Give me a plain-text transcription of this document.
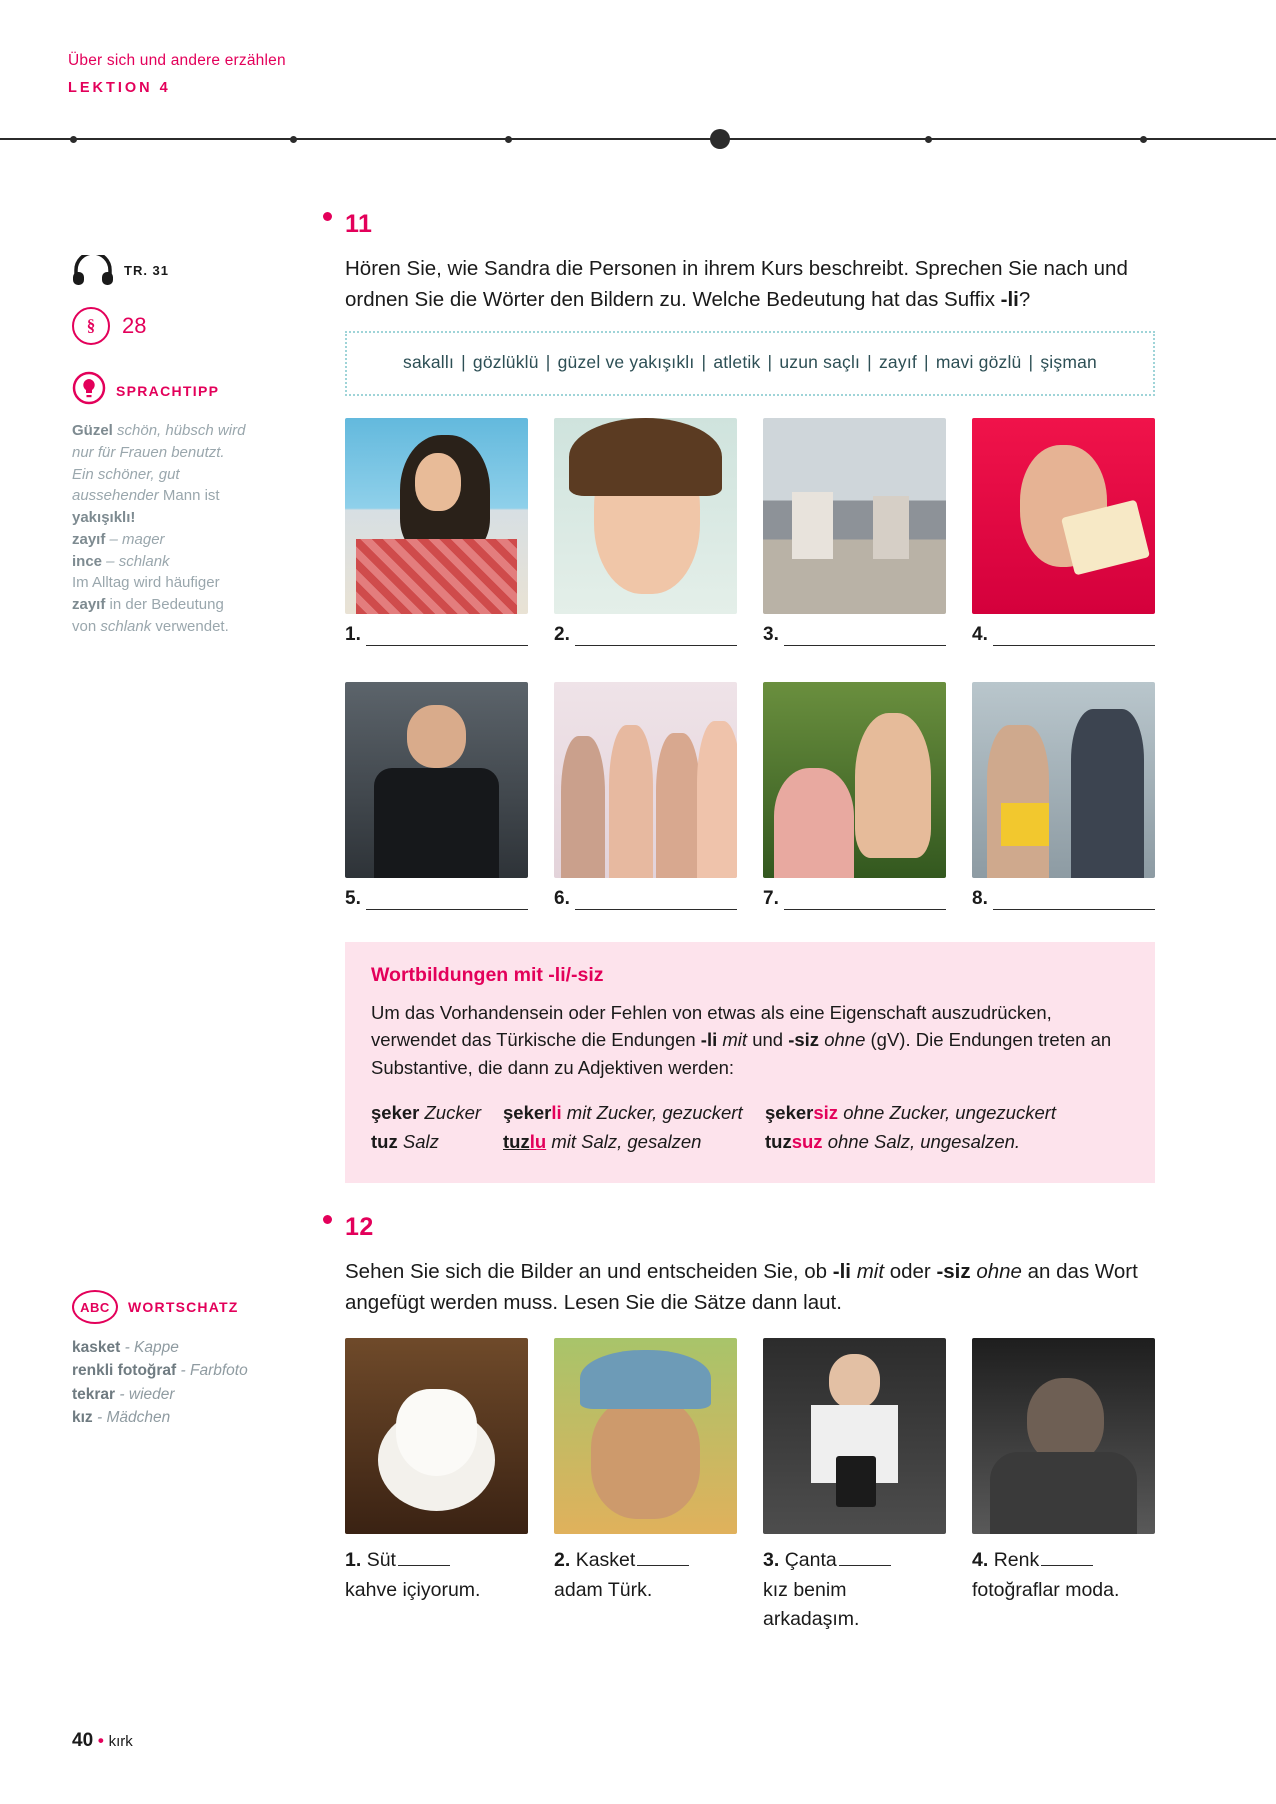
Über sich und andere erzählen
LEKTION 4
TR. 31
§	28
SPRACHTIPP
Güzel schön, hübsch wird nur für Frauen benutzt. Ein schöner, gut aussehender Mann ist yakışıklı!
zayıf – mager
ince – schlank
Im Alltag wird häufiger zayıf in der Bedeutung von schlank verwendet.
ABC	WORTSCHATZ
kasket - Kappe
renkli fotoğraf - Farbfoto
tekrar - wieder
kız - Mädchen
11
Hören Sie, wie Sandra die Personen in ihrem Kurs beschreibt. Sprechen Sie nach und ordnen Sie die Wörter den Bildern zu. Welche Bedeutung hat das Suffix -li?
sakallı | gözlüklü | güzel ve yakışıklı | atletik | uzun saçlı | zayıf | mavi gözlü | şişman
1.	2.	3.	4.
5.	6.	7.	8.
Wortbildungen mit -li/-siz

Um das Vorhandensein oder Fehlen von etwas als eine Eigenschaft auszudrücken, verwendet das Türkische die Endungen -li mit und -siz ohne (gV). Die Endungen treten an Substantive, die dann zu Adjektiven werden:

şeker Zucker	şekerli mit Zucker, gezuckert	şekersiz ohne Zucker, ungezuckert
tuz Salz	tuzlu mit Salz, gesalzen	tuzsuz ohne Salz, ungesalzen.
12
Sehen Sie sich die Bilder an und entscheiden Sie, ob -li mit oder -siz ohne an das Wort angefügt werden muss. Lesen Sie die Sätze dann laut.
1. Süt
kahve içiyorum.
2. Kasket
adam Türk.
3. Çanta
kız benim arkadaşım.
4. Renk
fotoğraflar moda.
40 • kırk
